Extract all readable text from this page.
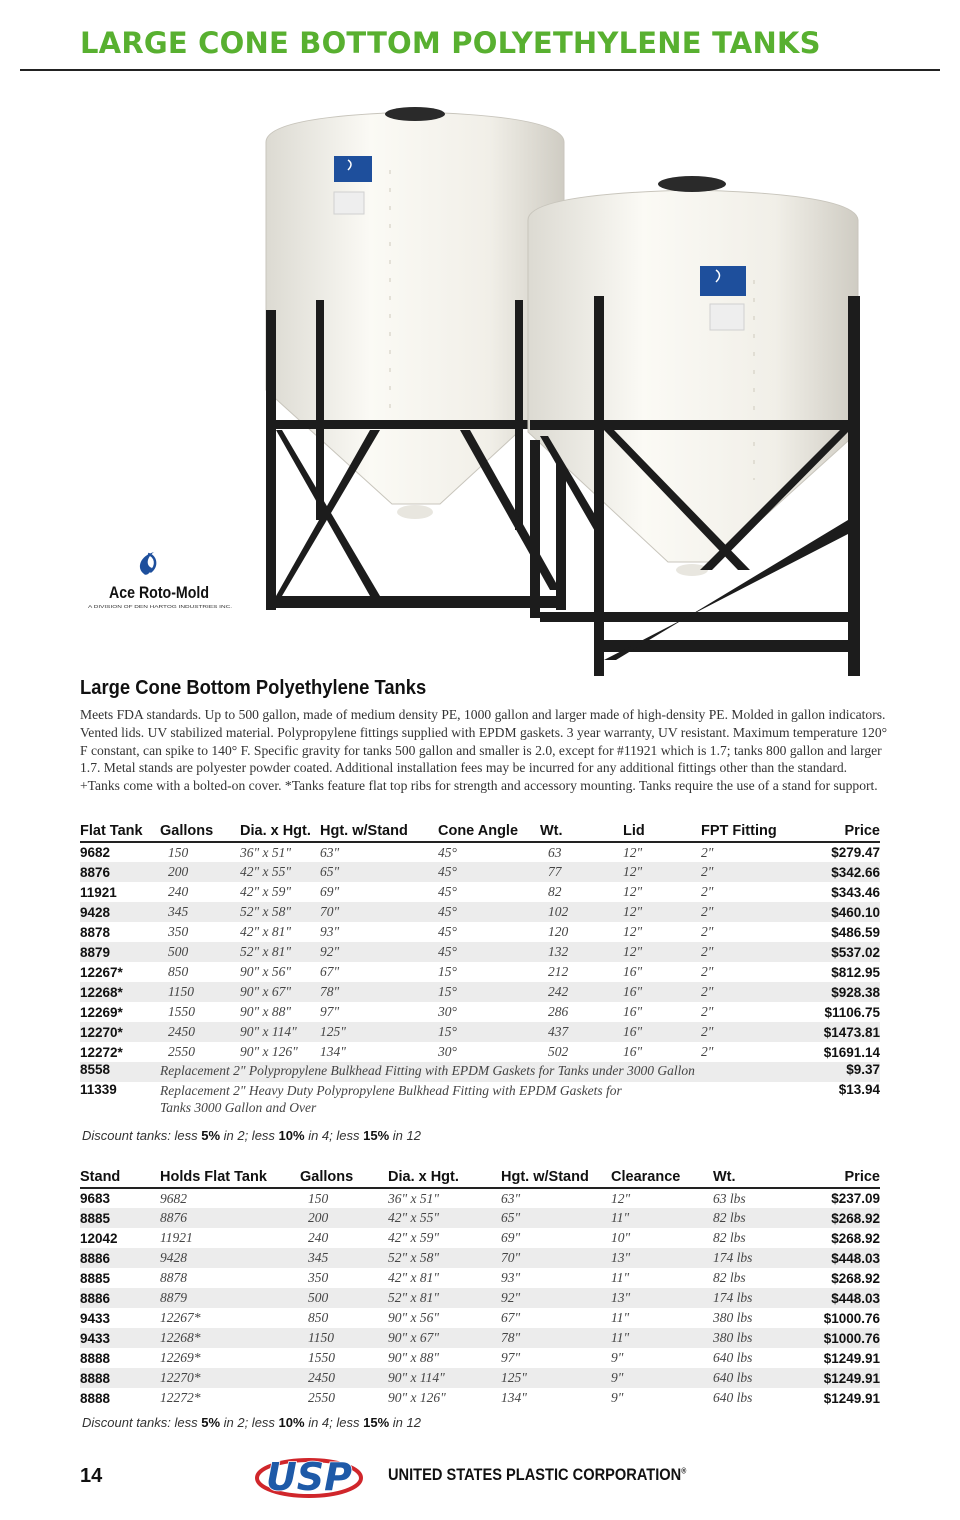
LARGE CONE BOTTOM POLYETHYLENE TANKS
Ace Roto-Mold
A DIVISION OF DEN HARTOG INDUSTRIES INC.
Large Cone Bottom Polyethylene Tanks

Meets FDA standards. Up to 500 gallon, made of medium density PE, 1000 gallon and larger made of high-density PE. Molded in gallon indicators. Vented lids. UV stabilized material. Polypropylene fittings supplied with EPDM gaskets. 3 year warranty, UV resistant. Maximum temperature 120° F constant, can spike to 140° F. Specific gravity for tanks 500 gallon and smaller is 2.0, except for #11921 which is 1.7; tanks 800 gallon and larger 1.7. Metal stands are polyester powder coated. Additional installation fees may be incurred for any additional fittings other than the standard. +Tanks come with a bolted-on cover. *Tanks feature flat top ribs for strength and accessory mounting. Tanks require the use of a stand for support.

Flat Tank	Gallons	Dia. x Hgt.	Hgt. w/Stand	Cone Angle	Wt.	Lid	FPT Fitting	Price
9682	150	36" x 51"	63"	45°	63	12"	2"	$279.47
8876	200	42" x 55"	65"	45°	77	12"	2"	$342.66
11921	240	42" x 59"	69"	45°	82	12"	2"	$343.46
9428	345	52" x 58"	70"	45°	102	12"	2"	$460.10
8878	350	42" x 81"	93"	45°	120	12"	2"	$486.59
8879	500	52" x 81"	92"	45°	132	12"	2"	$537.02
12267*	850	90" x 56"	67"	15°	212	16"	2"	$812.95
12268*	1150	90" x 67"	78"	15°	242	16"	2"	$928.38
12269*	1550	90" x 88"	97"	30°	286	16"	2"	$1106.75
12270*	2450	90" x 114"	125"	15°	437	16"	2"	$1473.81
12272*	2550	90" x 126"	134"	30°	502	16"	2"	$1691.14
8558	Replacement 2" Polypropylene Bulkhead Fitting with EPDM Gaskets for Tanks under 3000 Gallon							$9.37
11339	Replacement 2" Heavy Duty Polypropylene Bulkhead Fitting with EPDM Gaskets for Tanks 3000 Gallon and Over							$13.94
Discount tanks: less 5% in 2; less 10% in 4; less 15% in 12
Stand	Holds Flat Tank	Gallons	Dia. x Hgt.	Hgt. w/Stand	Clearance	Wt.	Price
9683	9682	150	36" x 51"	63"	12"	63 lbs	$237.09
8885	8876	200	42" x 55"	65"	11"	82 lbs	$268.92
12042	11921	240	42" x 59"	69"	10"	82 lbs	$268.92
8886	9428	345	52" x 58"	70"	13"	174 lbs	$448.03
8885	8878	350	42" x 81"	93"	11"	82 lbs	$268.92
8886	8879	500	52" x 81"	92"	13"	174 lbs	$448.03
9433	12267*	850	90" x 56"	67"	11"	380 lbs	$1000.76
9433	12268*	1150	90" x 67"	78"	11"	380 lbs	$1000.76
8888	12269*	1550	90" x 88"	97"	9"	640 lbs	$1249.91
8888	12270*	2450	90" x 114"	125"	9"	640 lbs	$1249.91
8888	12272*	2550	90" x 126"	134"	9"	640 lbs	$1249.91
Discount tanks: less 5% in 2; less 10% in 4; less 15% in 12
14	USP UNITED STATES PLASTIC CORPORATION®
